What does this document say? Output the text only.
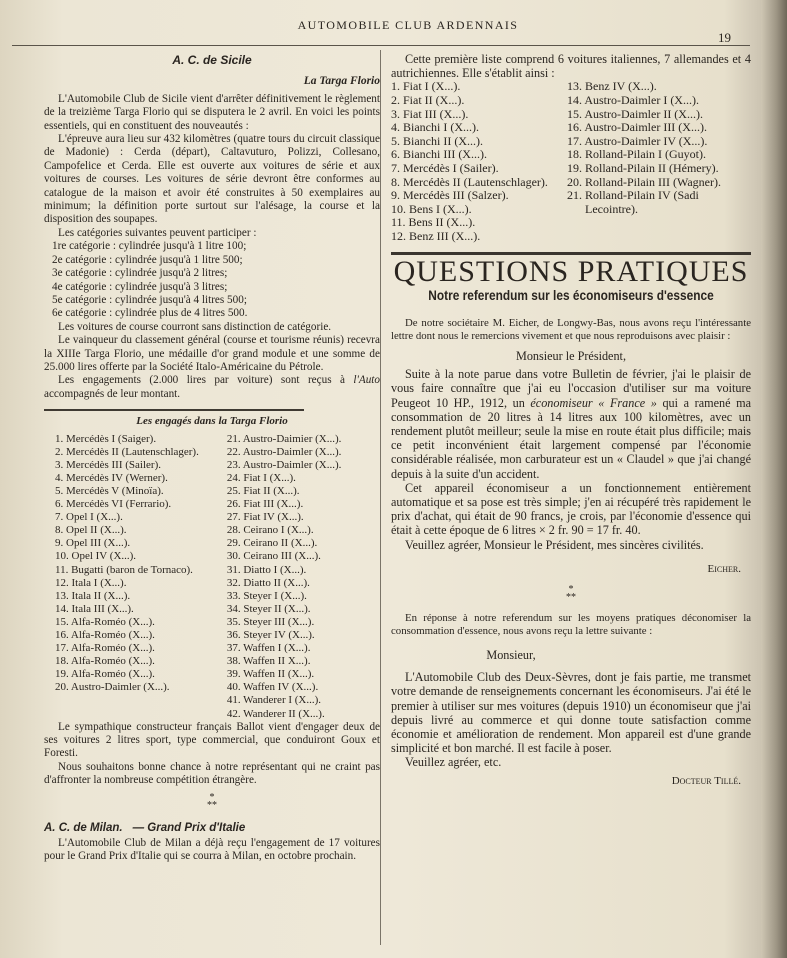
AUTOMOBILE CLUB ARDENNAIS
19
A. C. de Sicile
La Targa Florio

L'Automobile Club de Sicile vient d'arrêter définitivement le règlement de la treizième Targa Florio qui se disputera le 2 avril. En voici les points essentiels, qui en constituent des nouveautés :

L'épreuve aura lieu sur 432 kilomètres (quatre tours du circuit classique de Madonie) : Cerda (départ), Caltavuturo, Polizzi, Collesano, Campofelice et Cerda. Elle est ouverte aux voitures de série et aux voitures de courses. Les voitures de série devront être conformes au catalogue de la maison et avoir été construites à 50 exemplaires au minimum; la définition porte surtout sur l'alésage, la course et la disposition des soupapes.

Les catégories suivantes peuvent participer :

1re catégorie : cylindrée jusqu'à 1 litre 100;
2e catégorie : cylindrée jusqu'à 1 litre 500;
3e catégorie : cylindrée jusqu'à 2 litres;
4e catégorie : cylindrée jusqu'à 3 litres;
5e catégorie : cylindrée jusqu'à 4 litres 500;
6e catégorie : cylindrée plus de 4 litres 500.

Les voitures de course courront sans distinction de catégorie.

Le vainqueur du classement général (course et tourisme réunis) recevra la XIIIe Targa Florio, une médaille d'or grand module et une somme de 25.000 lires offerte par la Société Italo-Américaine du Pétrole.

Les engagements (2.000 lires par voiture) sont reçus à l'Auto accompagnés de leur montant.

Les engagés dans la Targa Florio
1. Mercédès I (Saiger).
2. Mercédès II (Lautenschlager).
3. Mercédès III (Sailer).
4. Mercédès IV (Werner).
5. Mercédès V (Minoïa).
6. Mercédès VI (Ferrario).
7. Opel I (X...).
8. Opel II (X...).
9. Opel III (X...).
10. Opel IV (X...).
11. Bugatti (baron de Tornaco).
12. Itala I (X...).
13. Itala II (X...).
14. Itala III (X...).
15. Alfa-Roméo (X...).
16. Alfa-Roméo (X...).
17. Alfa-Roméo (X...).
18. Alfa-Roméo (X...).
19. Alfa-Roméo (X...).
20. Austro-Daimler (X...).
21. Austro-Daimier (X...).
22. Austro-Daimler (X...).
23. Austro-Daimler (X...).
24. Fiat I (X...).
25. Fiat II (X...).
26. Fiat III (X...).
27. Fiat IV (X...).
28. Ceirano I (X...).
29. Ceirano II (X...).
30. Ceirano III (X...).
31. Diatto I (X...).
32. Diatto II (X...).
33. Steyer I (X...).
34. Steyer II (X...).
35. Steyer III (X...).
36. Steyer IV (X...).
37. Waffen I (X...).
38. Waffen II X...).
39. Waffen II (X...).
40. Waffen IV (X...).
41. Wanderer I (X...).
42. Wanderer II (X...).

Le sympathique constructeur français Ballot vient d'engager deux de ses voitures 2 litres sport, type commercial, que conduiront Goux et Foresti.

Nous souhaitons bonne chance à notre représentant qui ne craint pas d'affronter la nombreuse compétition étrangère.

*
**
A. C. de Milan. — Grand Prix d'Italie

L'Automobile Club de Milan a déjà reçu l'engagement de 17 voitures pour le Grand Prix d'Italie qui se courra à Milan, en octobre prochain.

Cette première liste comprend 6 voitures italiennes, 7 allemandes et 4 autrichiennes. Elle s'établit ainsi :

1. Fiat I (X...).
2. Fiat II (X...).
3. Fiat III (X...).
4. Bianchi I (X...).
5. Bianchi II (X...).
6. Bianchi III (X...).
7. Mercédès I (Sailer).
8. Mercédès II (Lautenschlager).
9. Mercédès III (Salzer).
10. Bens I (X...).
11. Bens II (X...).
12. Benz III (X...).
13. Benz IV (X...).
14. Austro-Daimler I (X...).
15. Austro-Daimler II (X...).
16. Austro-Daimler III (X...).
17. Austro-Daimler IV (X...).
18. Rolland-Pilain I (Guyot).
19. Rolland-Pilain II (Hémery).
20. Rolland-Pilain III (Wagner).
21. Rolland-Pilain IV (Sadi Lecointre).
QUESTIONS PRATIQUES
Notre referendum sur les économiseurs d'essence

De notre sociétaire M. Eicher, de Longwy-Bas, nous avons reçu l'intéressante lettre dont nous le remercions vivement et que nous reproduisons avec plaisir :

Monsieur le Président,

Suite à la note parue dans votre Bulletin de février, j'ai le plaisir de vous faire connaître que j'ai eu l'occasion d'utiliser sur ma voiture Peugeot 10 HP., 1912, un économiseur « France » qui a ramené ma consommation de 20 litres à 14 litres aux 100 kilomètres, avec un rendement plutôt meilleur; seule la mise en route était plus difficile; mais ce petit inconvénient était largement compensé par l'économie considérable réalisée, mon carburateur est un « Claudel » que j'ai changé depuis à la suite d'un accident.

Cet appareil économiseur a un fonctionnement entièrement automatique et sa pose est très simple; j'en ai récupéré très rapidement le prix d'achat, qui était de 90 francs, je crois, par l'économie d'essence qui était à cette époque de 6 litres × 2 fr. 90 = 17 fr. 40.

Veuillez agréer, Monsieur le Président, mes sincères civilités.

Eicher.
*
**

En réponse à notre referendum sur les moyens pratiques déconomiser la consommation d'essence, nous avons reçu la lettre suivante :

Monsieur,

L'Automobile Club des Deux-Sèvres, dont je fais partie, me transmet votre demande de renseignements concernant les économiseurs. J'ai été le premier à utiliser sur mes voitures (depuis 1910) un économiseur que j'ai depuis livré au commerce et qui donne toute satisfaction comme économie et amélioration de rendement. Mon appareil est d'une grande simplicité et bon marché. Il est facile à poser.

Veuillez agréer, etc.

Docteur Tillé.
